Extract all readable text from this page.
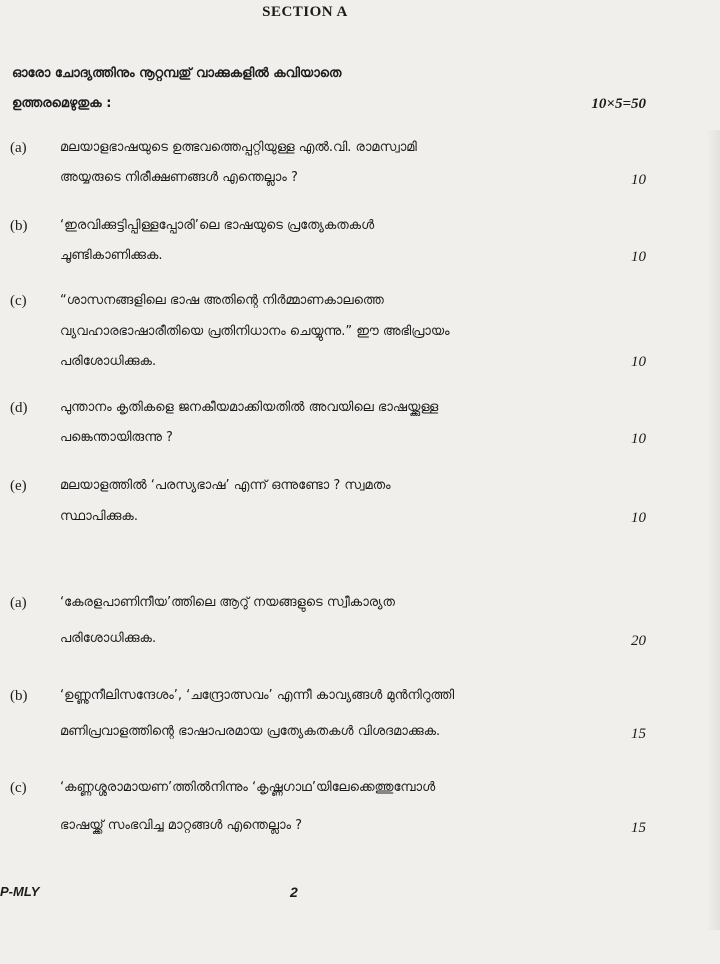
SECTION A
ഓരോ ചോദ്യത്തിനും നൂറ്റമ്പതു് വാക്കുകളിൽ കവിയാതെ
ഉത്തരമെഴുതുക :	10×5=50
(a)	മലയാളഭാഷയുടെ ഉത്ഭവത്തെപ്പറ്റിയുള്ള എൽ.വി. രാമസ്വാമി
അയ്യരുടെ നിരീക്ഷണങ്ങൾ എന്തെല്ലാം ?	10
(b)	‘ഇരവിക്കുട്ടിപ്പിള്ളപ്പോരി’ലെ ഭാഷയുടെ പ്രത്യേകതകൾ
ചൂണ്ടികാണിക്കുക.	10
(c)	“ശാസനങ്ങളിലെ ഭാഷ അതിന്റെ നിർമ്മാണകാലത്തെ
വ്യവഹാരഭാഷാരീതിയെ പ്രതിനിധാനം ചെയ്യുന്നു.” ഈ അഭിപ്രായം
പരിശോധിക്കുക.	10
(d)	പുന്താനം കൃതികളെ ജനകീയമാക്കിയതിൽ അവയിലെ ഭാഷയ്ക്കുള്ള
പങ്കെന്തായിരുന്നു ?	10
(e)	മലയാളത്തിൽ ‘പരസ്യഭാഷ’ എന്ന് ഒന്നുണ്ടോ ? സ്വമതം
സ്ഥാപിക്കുക.	10
(a)	‘കേരളപാണിനീയ’ത്തിലെ ആറു് നയങ്ങളുടെ സ്വീകാര്യത
പരിശോധിക്കുക.	20
(b)	‘ഉണ്ണുനീലിസന്ദേശം’, ‘ചന്ദ്രോത്സവം’ എന്നീ കാവ്യങ്ങൾ മുൻനിറുത്തി
മണിപ്രവാളത്തിന്റെ ഭാഷാപരമായ പ്രത്യേകതകൾ വിശദമാക്കുക.	15
(c)	‘കണ്ണശ്ശരാമായണ’ത്തിൽനിന്നും ‘കൃഷ്ണഗാഥ’യിലേക്കെത്തുമ്പോൾ
ഭാഷയ്ക്ക് സംഭവിച്ച മാറ്റങ്ങൾ എന്തെല്ലാം ?	15
P-MLY	2
